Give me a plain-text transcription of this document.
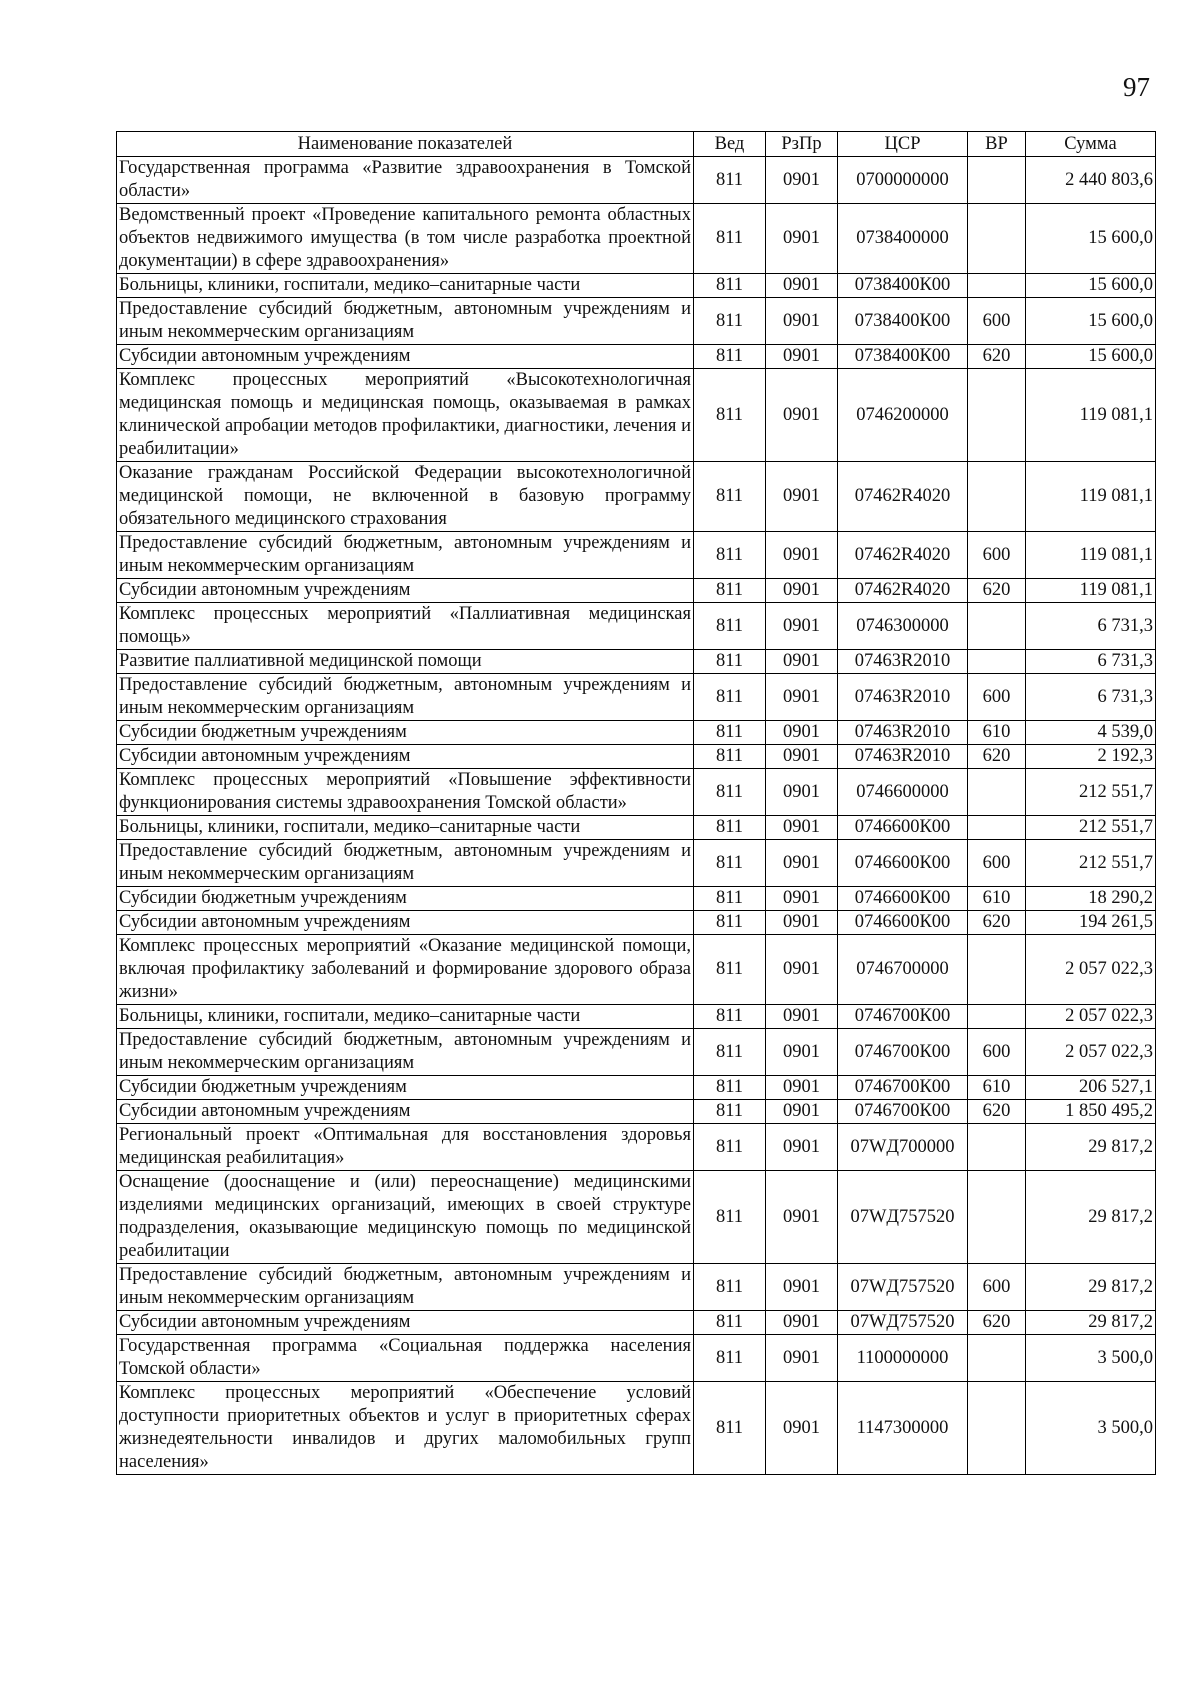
97
Наименование показателей	Вед	РзПр	ЦСР	ВР	Сумма
Государственная программа «Развитие здравоохранения в Томской области»	811	0901	0700000000		2 440 803,6
Ведомственный проект «Проведение капитального ремонта областных объектов недвижимого имущества (в том числе разработка проектной документации) в сфере здравоохранения»	811	0901	0738400000		15 600,0
Больницы, клиники, госпитали, медико–санитарные части	811	0901	0738400К00		15 600,0
Предоставление субсидий бюджетным, автономным учреждениям и иным некоммерческим организациям	811	0901	0738400К00	600	15 600,0
Субсидии автономным учреждениям	811	0901	0738400К00	620	15 600,0
Комплекс процессных мероприятий «Высокотехнологичная медицинская помощь и медицинская помощь, оказываемая в рамках клинической апробации методов профилактики, диагностики, лечения и реабилитации»	811	0901	0746200000		119 081,1
Оказание гражданам Российской Федерации высокотехнологичной медицинской помощи, не включенной в базовую программу обязательного медицинского страхования	811	0901	07462R4020		119 081,1
Предоставление субсидий бюджетным, автономным учреждениям и иным некоммерческим организациям	811	0901	07462R4020	600	119 081,1
Субсидии автономным учреждениям	811	0901	07462R4020	620	119 081,1
Комплекс процессных мероприятий «Паллиативная медицинская помощь»	811	0901	0746300000		6 731,3
Развитие паллиативной медицинской помощи	811	0901	07463R2010		6 731,3
Предоставление субсидий бюджетным, автономным учреждениям и иным некоммерческим организациям	811	0901	07463R2010	600	6 731,3
Субсидии бюджетным учреждениям	811	0901	07463R2010	610	4 539,0
Субсидии автономным учреждениям	811	0901	07463R2010	620	2 192,3
Комплекс процессных мероприятий «Повышение эффективности функционирования системы здравоохранения Томской области»	811	0901	0746600000		212 551,7
Больницы, клиники, госпитали, медико–санитарные части	811	0901	0746600К00		212 551,7
Предоставление субсидий бюджетным, автономным учреждениям и иным некоммерческим организациям	811	0901	0746600К00	600	212 551,7
Субсидии бюджетным учреждениям	811	0901	0746600К00	610	18 290,2
Субсидии автономным учреждениям	811	0901	0746600К00	620	194 261,5
Комплекс процессных мероприятий «Оказание медицинской помощи, включая профилактику заболеваний и формирование здорового образа жизни»	811	0901	0746700000		2 057 022,3
Больницы, клиники, госпитали, медико–санитарные части	811	0901	0746700К00		2 057 022,3
Предоставление субсидий бюджетным, автономным учреждениям и иным некоммерческим организациям	811	0901	0746700К00	600	2 057 022,3
Субсидии бюджетным учреждениям	811	0901	0746700К00	610	206 527,1
Субсидии автономным учреждениям	811	0901	0746700К00	620	1 850 495,2
Региональный проект «Оптимальная для восстановления здоровья медицинская реабилитация»	811	0901	07WД700000		29 817,2
Оснащение (дооснащение и (или) переоснащение) медицинскими изделиями медицинских организаций, имеющих в своей структуре подразделения, оказывающие медицинскую помощь по медицинской реабилитации	811	0901	07WД757520		29 817,2
Предоставление субсидий бюджетным, автономным учреждениям и иным некоммерческим организациям	811	0901	07WД757520	600	29 817,2
Субсидии автономным учреждениям	811	0901	07WД757520	620	29 817,2
Государственная программа «Социальная поддержка населения Томской области»	811	0901	1100000000		3 500,0
Комплекс процессных мероприятий «Обеспечение условий доступности приоритетных объектов и услуг в приоритетных сферах жизнедеятельности инвалидов и других маломобильных групп населения»	811	0901	1147300000		3 500,0
